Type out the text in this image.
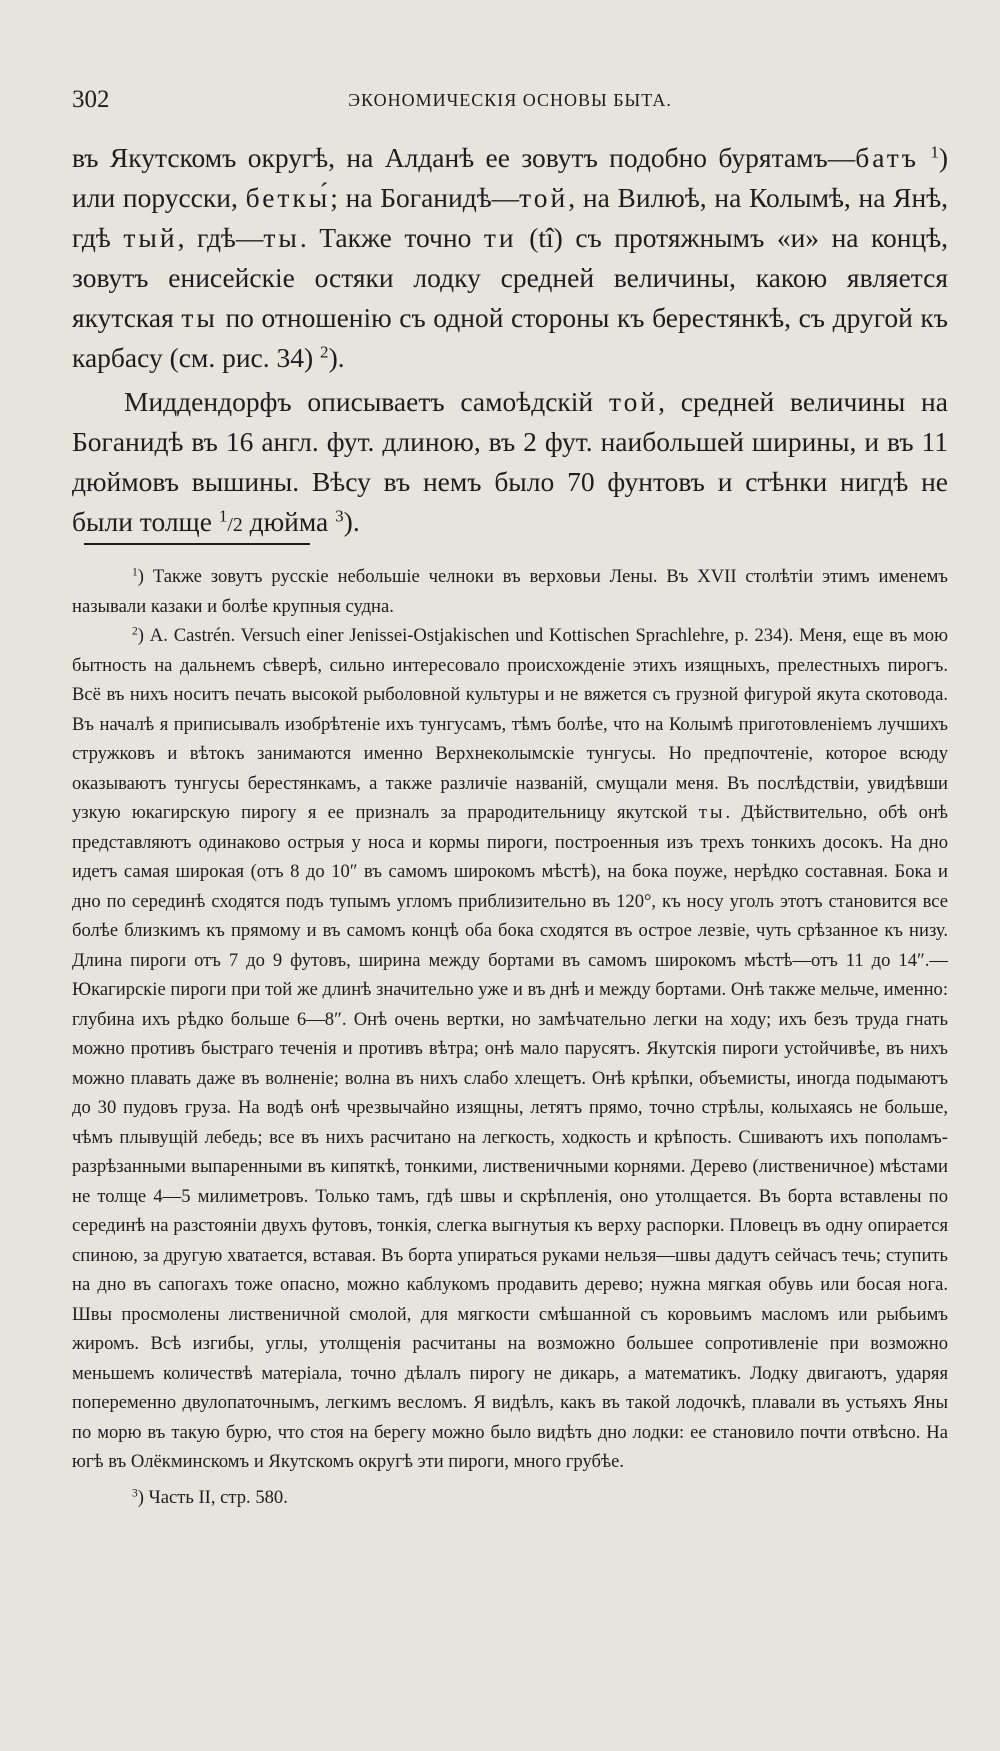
302	ЭКОНОМИЧЕСКІЯ ОСНОВЫ БЫТА.

въ Якутскомъ округѣ, на Алданѣ ее зовутъ подобно бурятамъ—батъ $^1$) или порусски, беткы́; на Боганидѣ—той, на Вилюѣ, на Колымѣ, на Янѣ, гдѣ тый, гдѣ—ты. Также точно ти (tî) съ протяжнымъ «и» на концѣ, зовутъ енисейскіе остяки лодку средней величины, какою является якутская ты по отношенію съ одной стороны къ берестянкѣ, съ другой къ карбасу (см. рис. 34) $^2$).

Миддендорфъ описываетъ самоѣдскій той, средней величины на Боганидѣ въ 16 англ. фут. длиною, въ 2 фут. наибольшей ширины, и въ 11 дюймовъ вышины. Вѣсу въ немъ было 70 фунтовъ и стѣнки нигдѣ не были толще $^1$/2 дюйма $^3$).

$^1$) Также зовутъ русскіе небольшіе челноки въ верховьи Лены. Въ XVII столѣтіи этимъ именемъ называли казаки и болѣе крупныя судна.

$^2$) А. Castrén. Versuch einer Jenissei-Ostjakischen und Kottischen Sprachlehre, p. 234). Меня, еще въ мою бытность на дальнемъ сѣверѣ, сильно интересовало происхожденіе этихъ изящныхъ, прелестныхъ пирогъ. Всё въ нихъ носитъ печать высокой рыболовной культуры и не вяжется съ грузной фигурой якута скотовода. Въ началѣ я приписывалъ изобрѣтеніе ихъ тунгусамъ, тѣмъ болѣе, что на Колымѣ приготовленіемъ лучшихъ стружковъ и вѣтокъ занимаются именно Верхнеколымскіе тунгусы. Но предпочтеніе, которое всюду оказываютъ тунгусы берестянкамъ, а также различіе названій, смущали меня. Въ послѣдствіи, увидѣвши узкую юкагирскую пирогу я ее призналъ за прародительницу якутской ты. Дѣйствительно, обѣ онѣ представляютъ одинаково острыя у носа и кормы пироги, построенныя изъ трехъ тонкихъ досокъ. На дно идетъ самая широкая (отъ 8 до 10″ въ самомъ широкомъ мѣстѣ), на бока поуже, нерѣдко составная. Бока и дно по серединѣ сходятся подъ тупымъ угломъ приблизительно въ 120°, къ носу уголъ этотъ становится все болѣе близкимъ къ прямому и въ самомъ концѣ оба бока сходятся въ острое лезвіе, чуть срѣзанное къ низу. Длина пироги отъ 7 до 9 футовъ, ширина между бортами въ самомъ широкомъ мѣстѣ—отъ 11 до 14″.—Юкагирскіе пироги при той же длинѣ значительно уже и въ днѣ и между бортами. Онѣ также мельче, именно: глубина ихъ рѣдко больше 6—8″. Онѣ очень вертки, но замѣчательно легки на ходу; ихъ безъ труда гнать можно противъ быстраго теченія и противъ вѣтра; онѣ мало парусятъ. Якутскія пироги устойчивѣе, въ нихъ можно плавать даже въ волненіе; волна въ нихъ слабо хлещетъ. Онѣ крѣпки, объемисты, иногда подымаютъ до 30 пудовъ груза. На водѣ онѣ чрезвычайно изящны, летятъ прямо, точно стрѣлы, колыхаясь не больше, чѣмъ плывущій лебедь; все въ нихъ расчитано на легкость, ходкость и крѣпость. Сшиваютъ ихъ пополамъ-разрѣзанными выпаренными въ кипяткѣ, тонкими, лиственичными корнями. Дерево (лиственичное) мѣстами не толще 4—5 милиметровъ. Только тамъ, гдѣ швы и скрѣпленія, оно утолщается. Въ борта вставлены по серединѣ на разстояніи двухъ футовъ, тонкія, слегка выгнутыя къ верху распорки. Пловецъ въ одну опирается спиною, за другую хватается, вставая. Въ борта упираться руками нельзя—швы дадутъ сейчасъ течь; ступить на дно въ сапогахъ тоже опасно, можно каблукомъ продавить дерево; нужна мягкая обувь или босая нога. Швы просмолены лиственичной смолой, для мягкости смѣшанной съ коровьимъ масломъ или рыбьимъ жиромъ. Всѣ изгибы, углы, утолщенія расчитаны на возможно большее сопротивленіе при возможно меньшемъ количествѣ матеріала, точно дѣлалъ пирогу не дикарь, а математикъ. Лодку двигаютъ, ударяя попеременно двулопаточнымъ, легкимъ весломъ. Я видѣлъ, какъ въ такой лодочкѣ, плавали въ устьяхъ Яны по морю въ такую бурю, что стоя на берегу можно было видѣть дно лодки: ее становило почти отвѣсно. На югѣ въ Олёкминскомъ и Якутскомъ округѣ эти пироги, много грубѣе.

$^3$) Часть II, стр. 580.
